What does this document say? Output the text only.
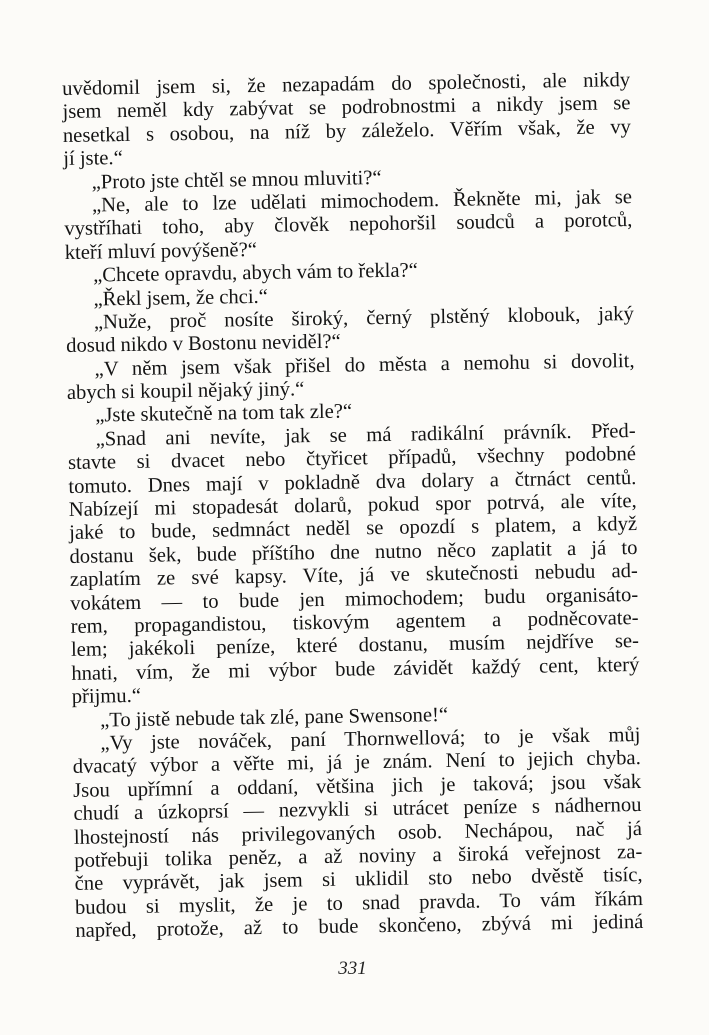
uvědomil jsem si, že nezapadám do společnosti, ale nikdy
jsem neměl kdy zabývat se podrobnostmi a nikdy jsem se
nesetkal s osobou, na níž by záleželo. Věřím však, že vy
jí jste.“
„Proto jste chtěl se mnou mluviti?“
„Ne, ale to lze udělati mimochodem. Řekněte mi, jak se
vystříhati toho, aby člověk nepohoršil soudců a porotců,
kteří mluví povýšeně?“
„Chcete opravdu, abych vám to řekla?“
„Řekl jsem, že chci.“
„Nuže, proč nosíte široký, černý plstěný klobouk, jaký
dosud nikdo v Bostonu neviděl?“
„V něm jsem však přišel do města a nemohu si dovolit,
abych si koupil nějaký jiný.“
„Jste skutečně na tom tak zle?“
„Snad ani nevíte, jak se má radikální právník. Před-
stavte si dvacet nebo čtyřicet případů, všechny podobné
tomuto. Dnes mají v pokladně dva dolary a čtrnáct centů.
Nabízejí mi stopadesát dolarů, pokud spor potrvá, ale víte,
jaké to bude, sedmnáct neděl se opozdí s platem, a když
dostanu šek, bude příštího dne nutno něco zaplatit a já to
zaplatím ze své kapsy. Víte, já ve skutečnosti nebudu ad-
vokátem — to bude jen mimochodem; budu organisáto-
rem, propagandistou, tiskovým agentem a podněcovate-
lem; jakékoli peníze, které dostanu, musím nejdříve se-
hnati, vím, že mi výbor bude závidět každý cent, který
přijmu.“
„To jistě nebude tak zlé, pane Swensone!“
„Vy jste nováček, paní Thornwellová; to je však můj
dvacatý výbor a věřte mi, já je znám. Není to jejich chyba.
Jsou upřímní a oddaní, většina jich je taková; jsou však
chudí a úzkoprsí — nezvykli si utrácet peníze s nádhernou
lhostejností nás privilegovaných osob. Nechápou, nač já
potřebuji tolika peněz, a až noviny a široká veřejnost za-
čne vyprávět, jak jsem si uklidil sto nebo dvěstě tisíc,
budou si myslit, že je to snad pravda. To vám říkám
napřed, protože, až to bude skončeno, zbývá mi jediná
331
